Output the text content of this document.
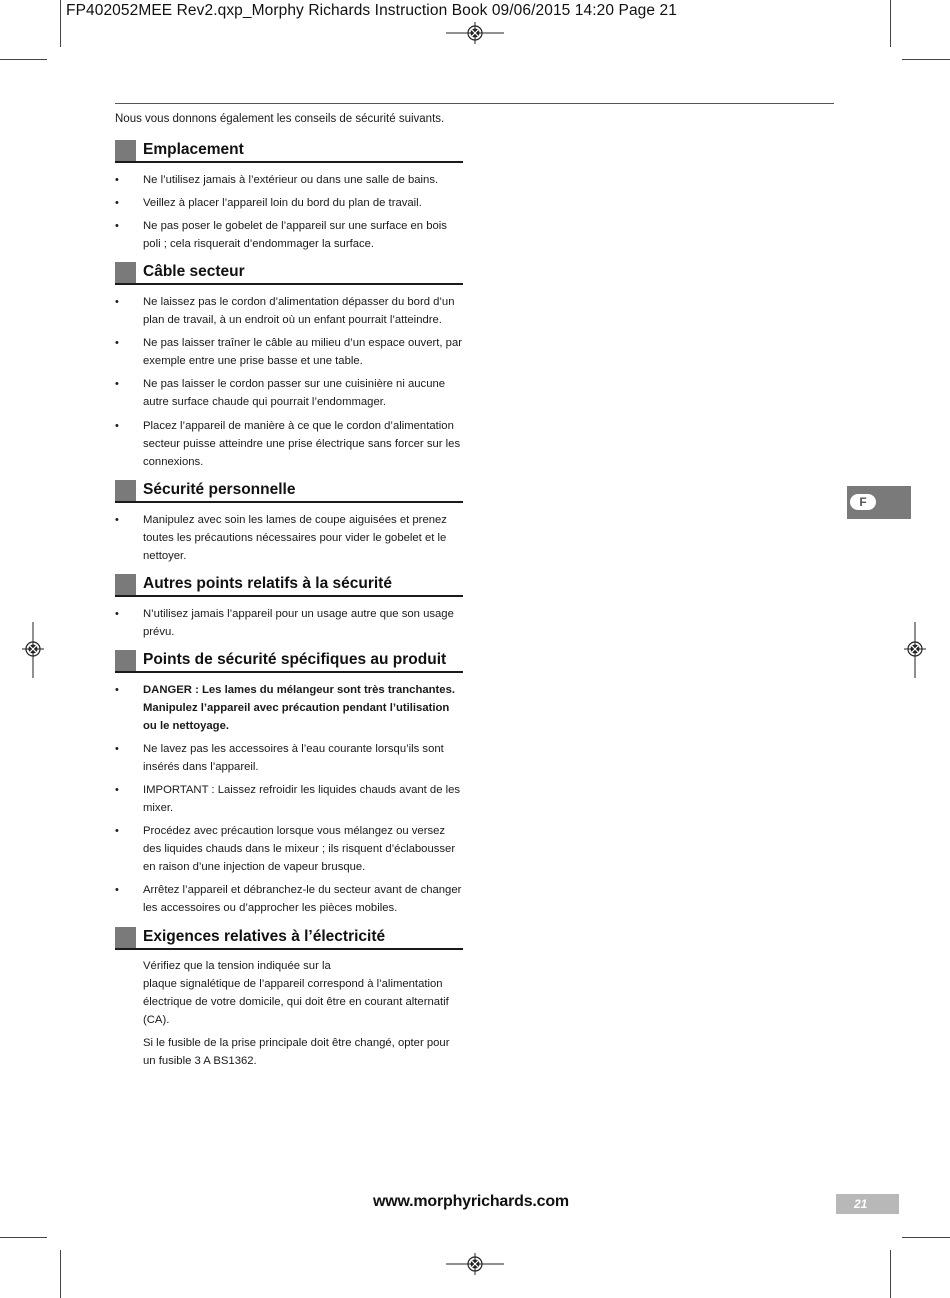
FP402052MEE Rev2.qxp_Morphy Richards Instruction Book 09/06/2015 14:20 Page 21
Nous vous donnons également les conseils de sécurité suivants.
Emplacement
• Ne l’utilisez jamais à l’extérieur ou dans une salle de bains.
• Veillez à placer l’appareil loin du bord du plan de travail.
• Ne pas poser le gobelet de l’appareil sur une surface en bois poli ; cela risquerait d’endommager la surface.
Câble secteur
• Ne laissez pas le cordon d’alimentation dépasser du bord d’un plan de travail, à un endroit où un enfant pourrait l’atteindre.
• Ne pas laisser traîner le câble au milieu d’un espace ouvert, par exemple entre une prise basse et une table.
• Ne pas laisser le cordon passer sur une cuisinière ni aucune autre surface chaude qui pourrait l’endommager.
• Placez l’appareil de manière à ce que le cordon d’alimentation secteur puisse atteindre une prise électrique sans forcer sur les connexions.
Sécurité personnelle
• Manipulez avec soin les lames de coupe aiguisées et prenez toutes les précautions nécessaires pour vider le gobelet et le nettoyer.
Autres points relatifs à la sécurité
• N’utilisez jamais l’appareil pour un usage autre que son usage prévu.
Points de sécurité spécifiques au produit
• DANGER : Les lames du mélangeur sont très tranchantes. Manipulez l’appareil avec précaution pendant l’utilisation ou le nettoyage.
• Ne lavez pas les accessoires à l’eau courante lorsqu’ils sont insérés dans l’appareil.
• IMPORTANT : Laissez refroidir les liquides chauds avant de les mixer.
• Procédez avec précaution lorsque vous mélangez ou versez des liquides chauds dans le mixeur ; ils risquent d’éclabousser en raison d’une injection de vapeur brusque.
• Arrêtez l’appareil et débranchez-le du secteur avant de changer les accessoires ou d’approcher les pièces mobiles.
Exigences relatives à l’électricité
Vérifiez que la tension indiquée sur la
plaque signalétique de l’appareil correspond à l’alimentation électrique de votre domicile, qui doit être en courant alternatif (CA).
Si le fusible de la prise principale doit être changé, opter pour un fusible 3 A BS1362.
F
www.morphyrichards.com	21
